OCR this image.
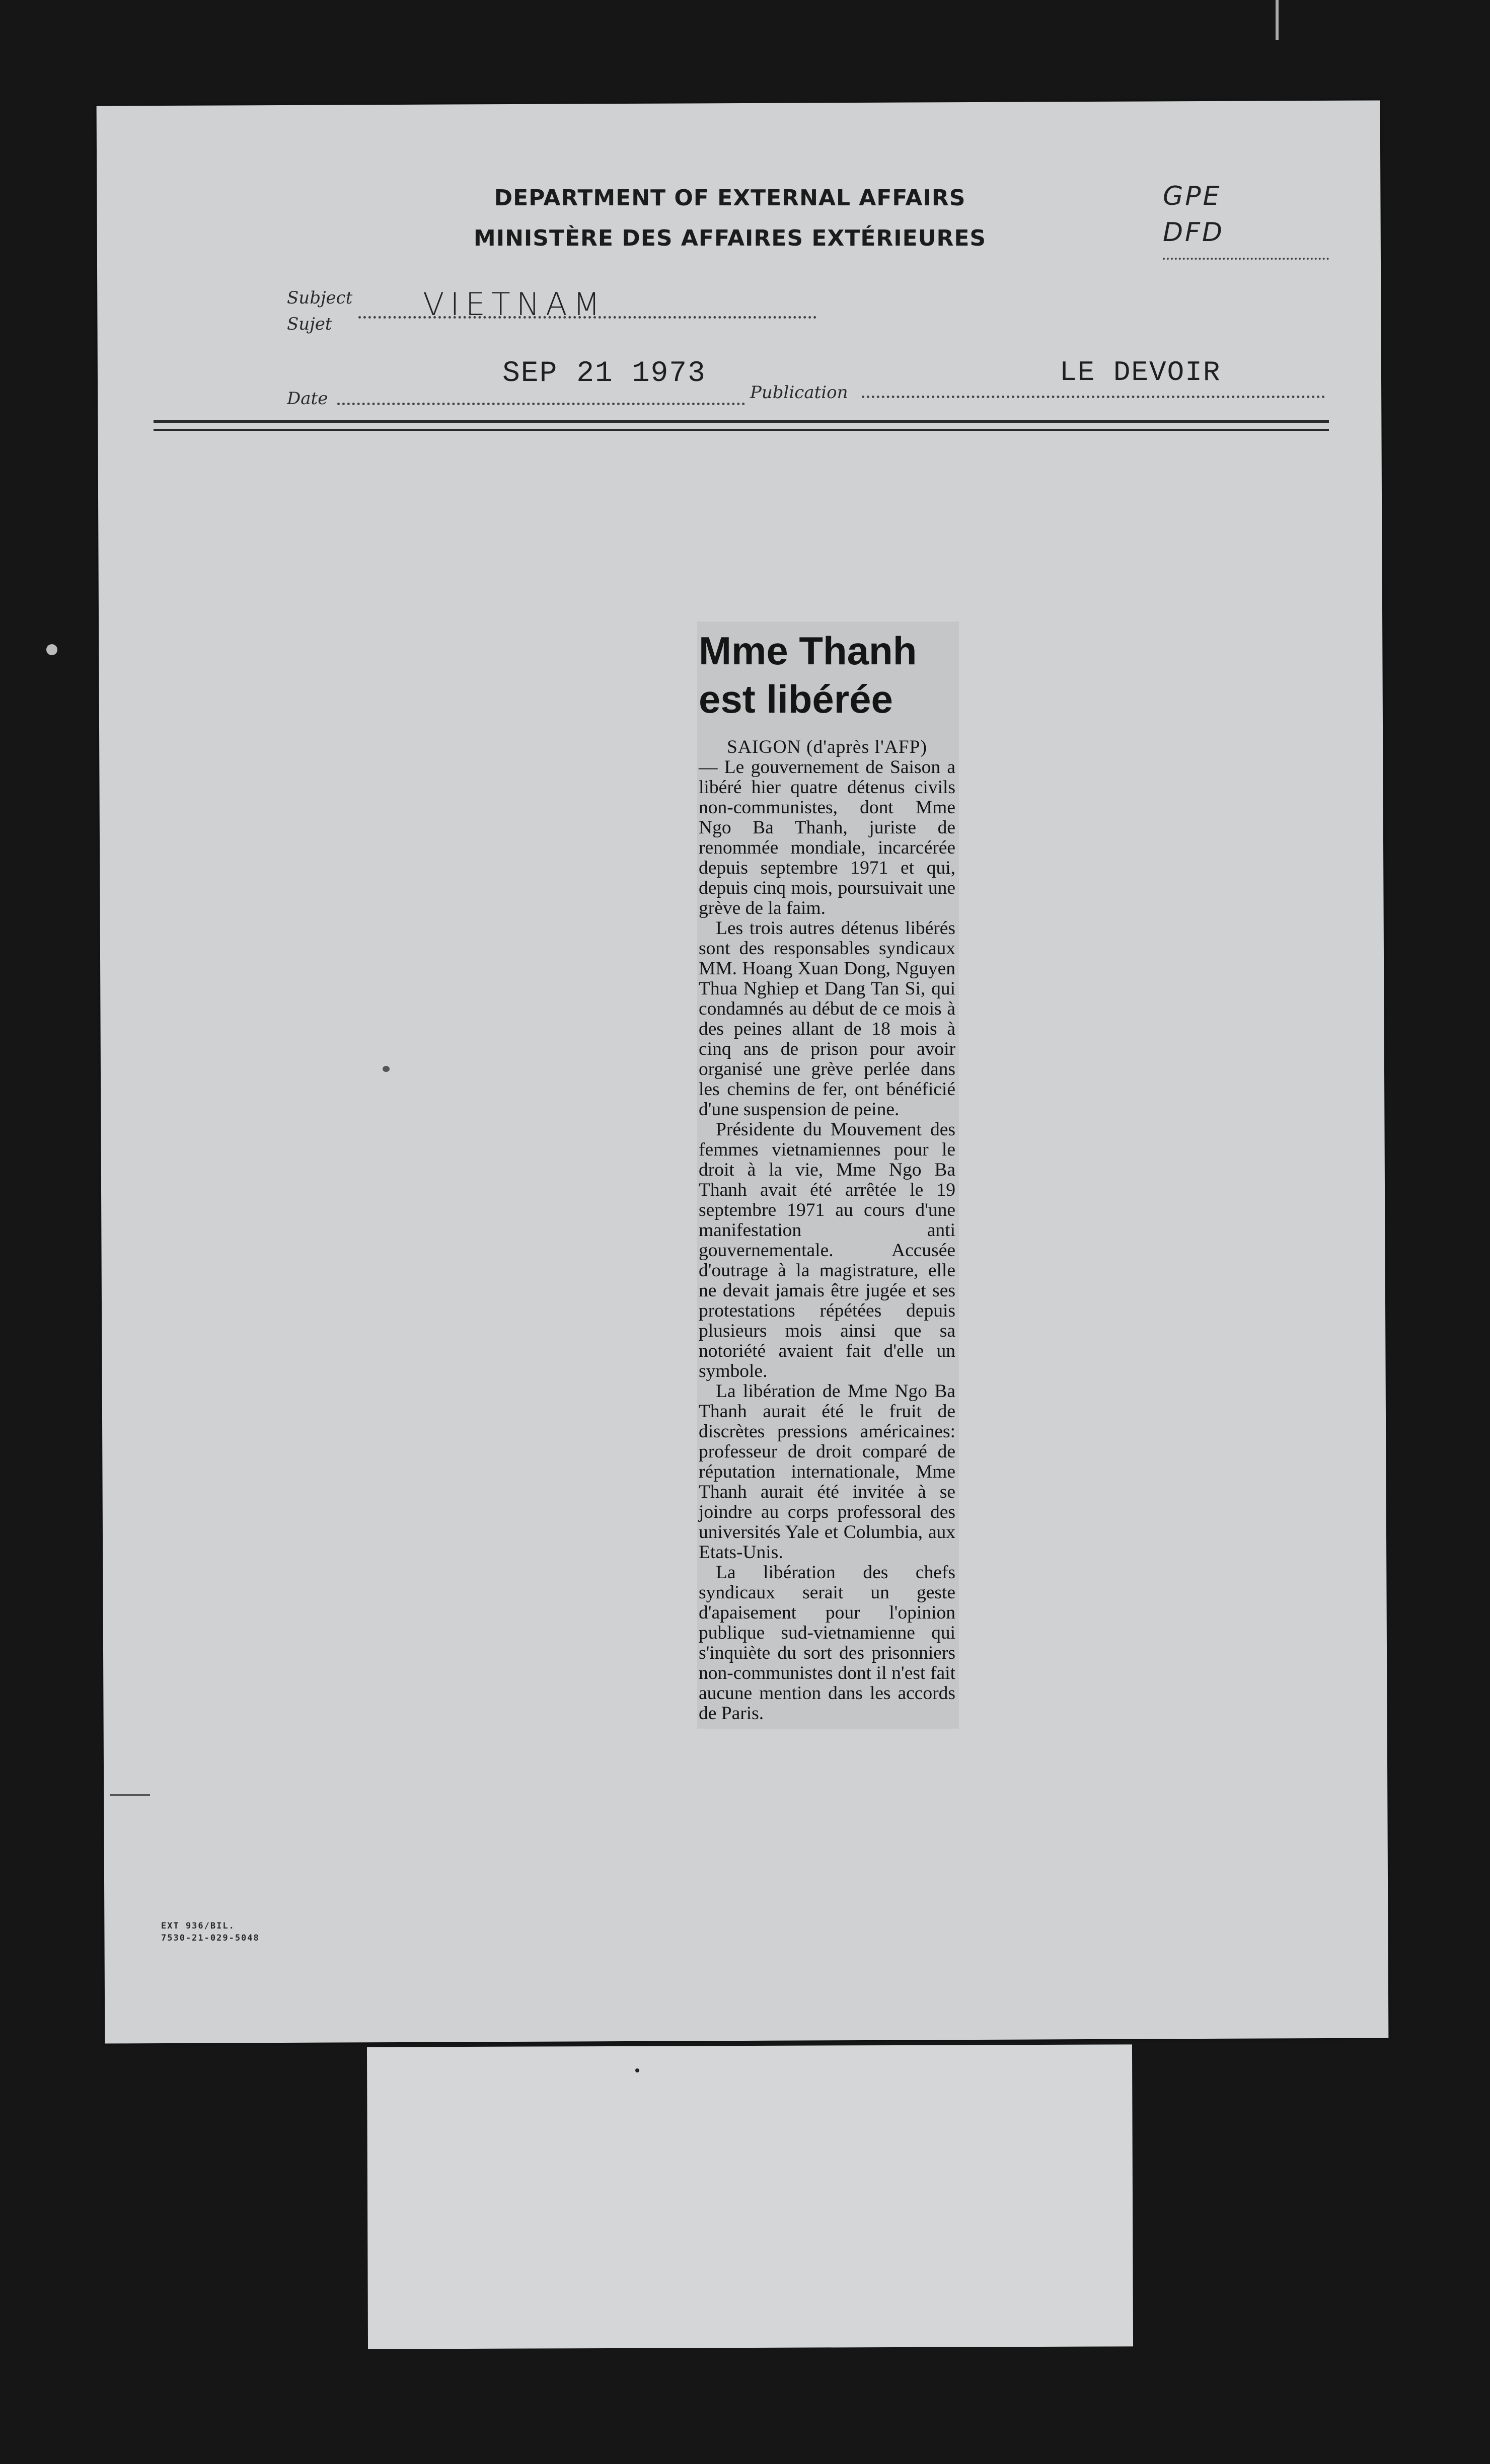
DEPARTMENT OF EXTERNAL AFFAIRS
MINISTÈRE DES AFFAIRES EXTÉRIEURES
GPE
DFD
Subject
Sujet
VIETNAM
Date
SEP 21 1973
Publication
LE DEVOIR
Mme Thanh
est libérée
SAIGON (d'après l'AFP)

— Le gouvernement de Saison a libéré hier quatre détenus civils non-communistes, dont Mme Ngo Ba Thanh, juriste de renommée mondiale, incarcérée depuis septembre 1971 et qui, depuis cinq mois, poursuivait une grève de la faim.

Les trois autres détenus libérés sont des responsables syndicaux MM. Hoang Xuan Dong, Nguyen Thua Nghiep et Dang Tan Si, qui condamnés au début de ce mois à des peines allant de 18 mois à cinq ans de prison pour avoir organisé une grève perlée dans les chemins de fer, ont bénéficié d'une suspension de peine.

Présidente du Mouvement des femmes vietnamiennes pour le droit à la vie, Mme Ngo Ba Thanh avait été arrêtée le 19 septembre 1971 au cours d'une manifestation anti gouvernementale. Accusée d'outrage à la magistrature, elle ne devait jamais être jugée et ses protestations répétées depuis plusieurs mois ainsi que sa notoriété avaient fait d'elle un symbole.

La libération de Mme Ngo Ba Thanh aurait été le fruit de discrètes pressions américaines: professeur de droit comparé de réputation internationale, Mme Thanh aurait été invitée à se joindre au corps professoral des universités Yale et Columbia, aux Etats-Unis.

La libération des chefs syndicaux serait un geste d'apaisement pour l'opinion publique sud-vietnamienne qui s'inquiète du sort des prisonniers non-communistes dont il n'est fait aucune mention dans les accords de Paris.

EXT 936/BIL.
7530-21-029-5048
